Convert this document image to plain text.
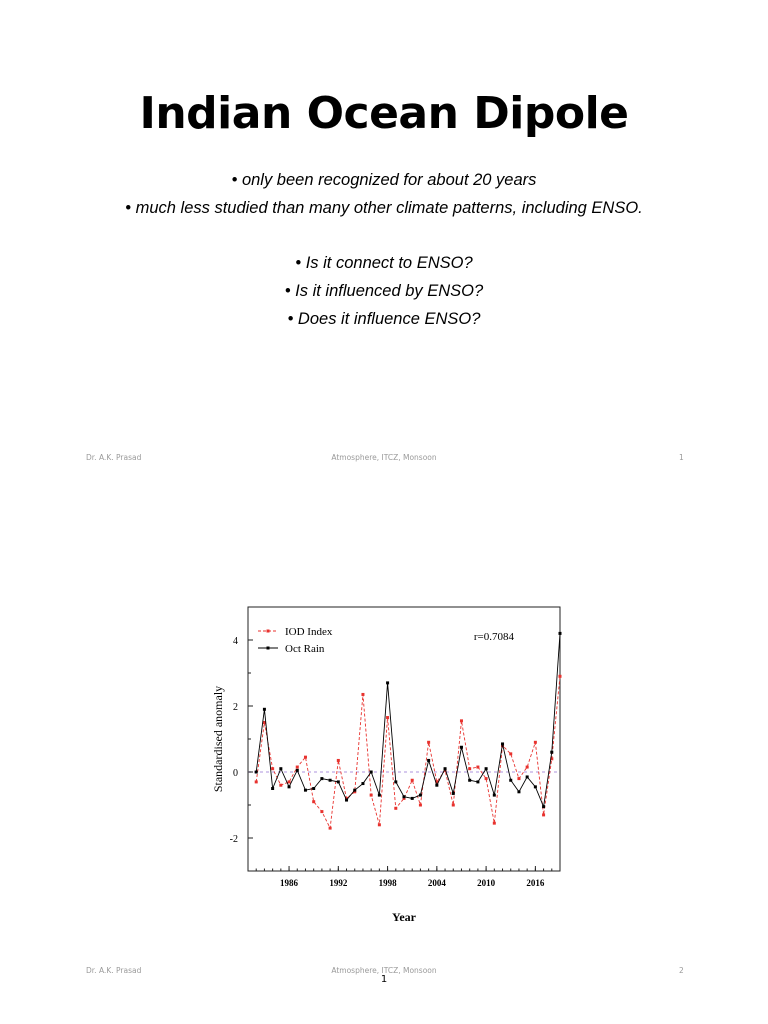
Indian Ocean Dipole
• only been recognized for about 20 years
• much less studied than many other climate patterns, including ENSO.
• Is it connect to ENSO?
• Is it influenced by ENSO?
• Does it influence ENSO?
Dr. A.K. Prasad	Atmosphere, ITCZ, Monsoon	1
-2
0
2
4
1986	1992	1998	2004	2010	2016
IOD Index
Oct Rain
r=0.7084
Standardised anomaly
Year
Dr. A.K. Prasad	Atmosphere, ITCZ, Monsoon	2
1
